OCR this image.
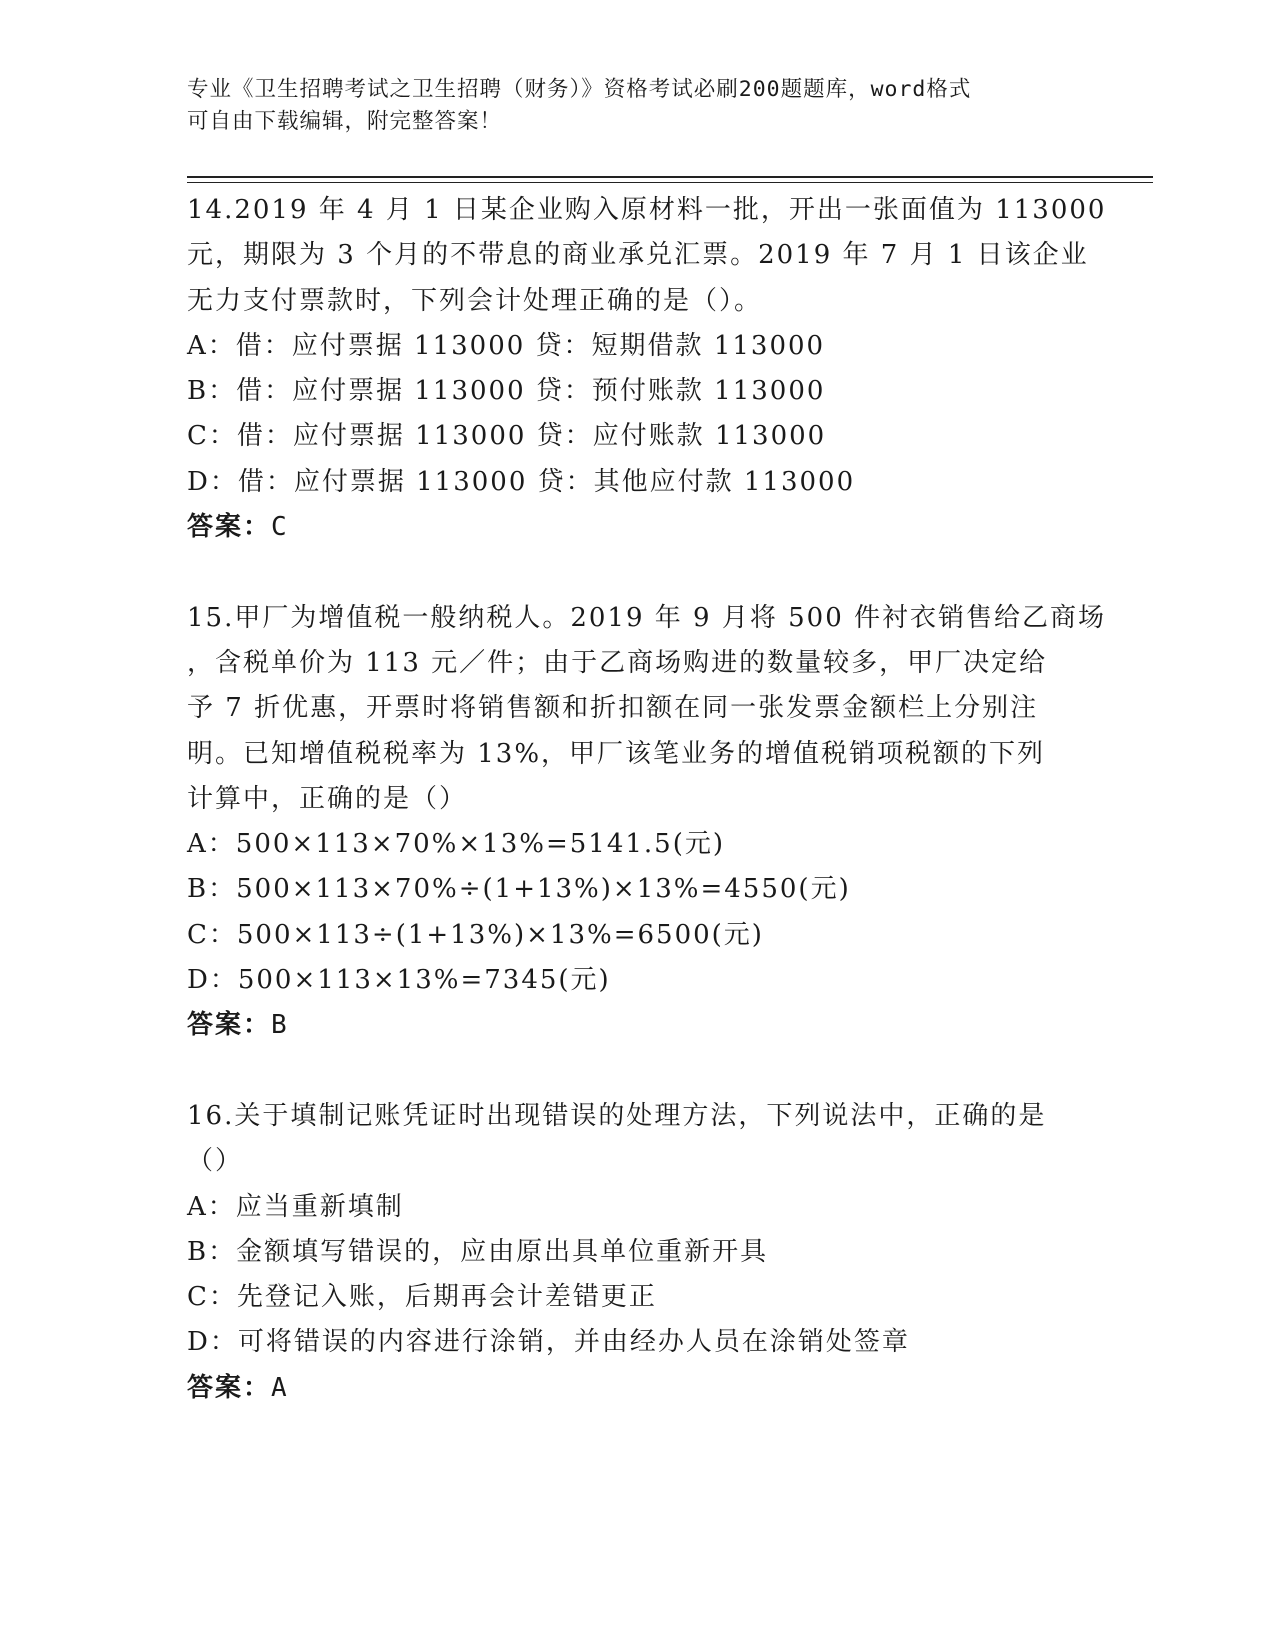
专业《卫生招聘考试之卫生招聘（财务）》资格考试必刷200题题库，word格式
可自由下载编辑，附完整答案！
14.2019 年 4 月 1 日某企业购入原材料一批，开出一张面值为 113000
元，期限为 3 个月的不带息的商业承兑汇票。2019 年 7 月 1 日该企业
无力支付票款时，下列会计处理正确的是（）。
A：借：应付票据 113000 贷：短期借款 113000
B：借：应付票据 113000 贷：预付账款 113000
C：借：应付票据 113000 贷：应付账款 113000
D：借：应付票据 113000 贷：其他应付款 113000
答案：C
15.甲厂为增值税一般纳税人。2019 年 9 月将 500 件衬衣销售给乙商场
，含税单价为 113 元／件；由于乙商场购进的数量较多，甲厂决定给
予 7 折优惠，开票时将销售额和折扣额在同一张发票金额栏上分别注
明。已知增值税税率为 13%，甲厂该笔业务的增值税销项税额的下列
计算中，正确的是（）
A：500×113×70%×13%=5141.5(元)
B：500×113×70%÷(1+13%)×13%=4550(元)
C：500×113÷(1+13%)×13%=6500(元)
D：500×113×13%=7345(元)
答案：B
16.关于填制记账凭证时出现错误的处理方法，下列说法中，正确的是
（）
A：应当重新填制
B：金额填写错误的，应由原出具单位重新开具
C：先登记入账，后期再会计差错更正
D：可将错误的内容进行涂销，并由经办人员在涂销处签章
答案：A
